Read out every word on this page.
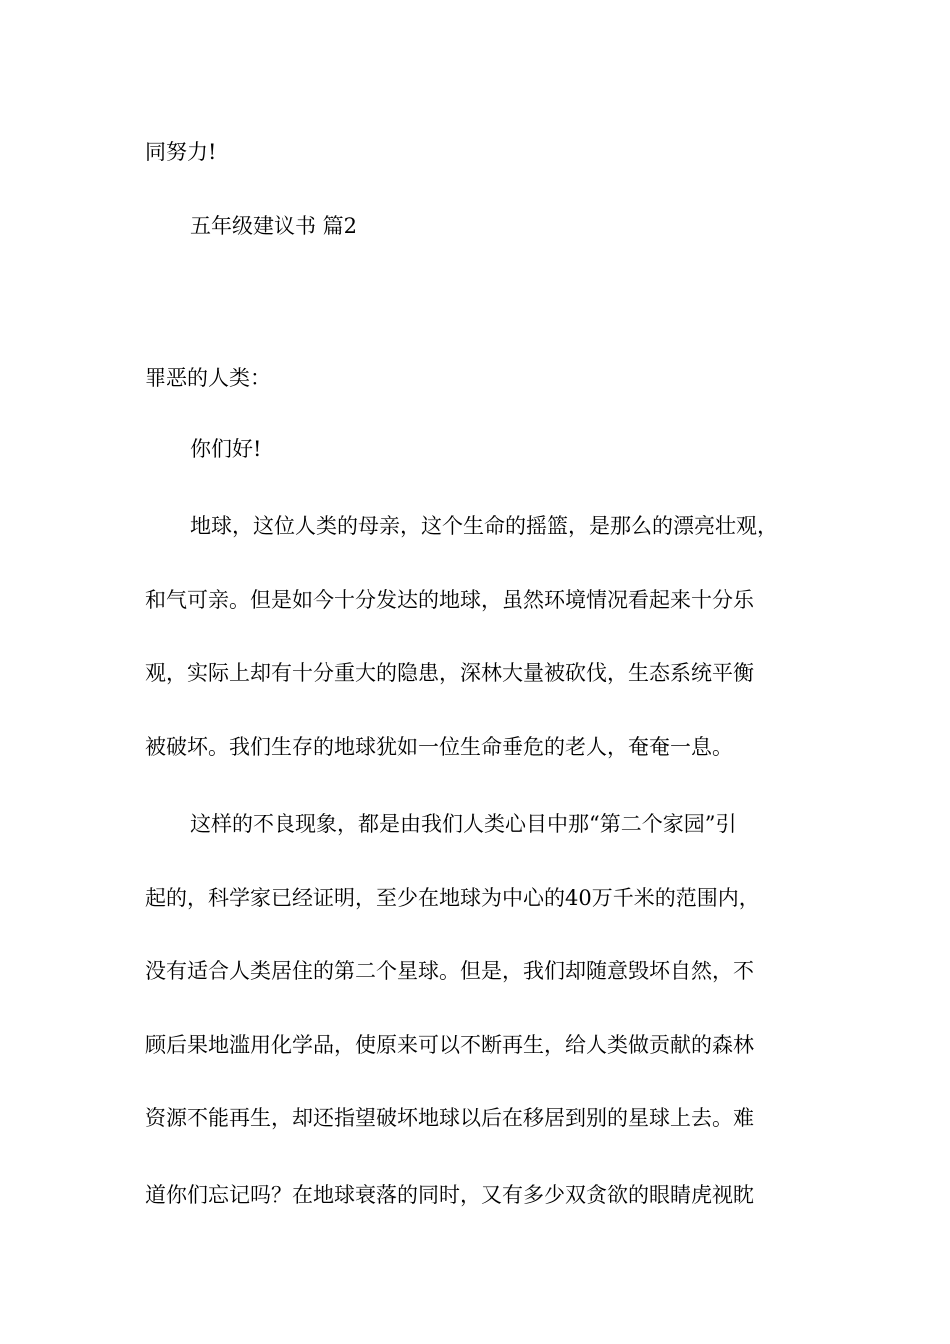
同努力!

五年级建议书 篇2

罪恶的人类：

你们好!

地球，这位人类的母亲，这个生命的摇篮，是那么的漂亮壮观，

和气可亲。但是如今十分发达的地球，虽然环境情况看起来十分乐

观，实际上却有十分重大的隐患，深林大量被砍伐，生态系统平衡

被破坏。我们生存的地球犹如一位生命垂危的老人，奄奄一息。

这样的不良现象，都是由我们人类心目中那“第二个家园”引

起的，科学家已经证明，至少在地球为中心的40万千米的范围内，

没有适合人类居住的第二个星球。但是，我们却随意毁坏自然，不

顾后果地滥用化学品，使原来可以不断再生，给人类做贡献的森林

资源不能再生，却还指望破坏地球以后在移居到别的星球上去。难

道你们忘记吗？在地球衰落的同时，又有多少双贪欲的眼睛虎视眈
